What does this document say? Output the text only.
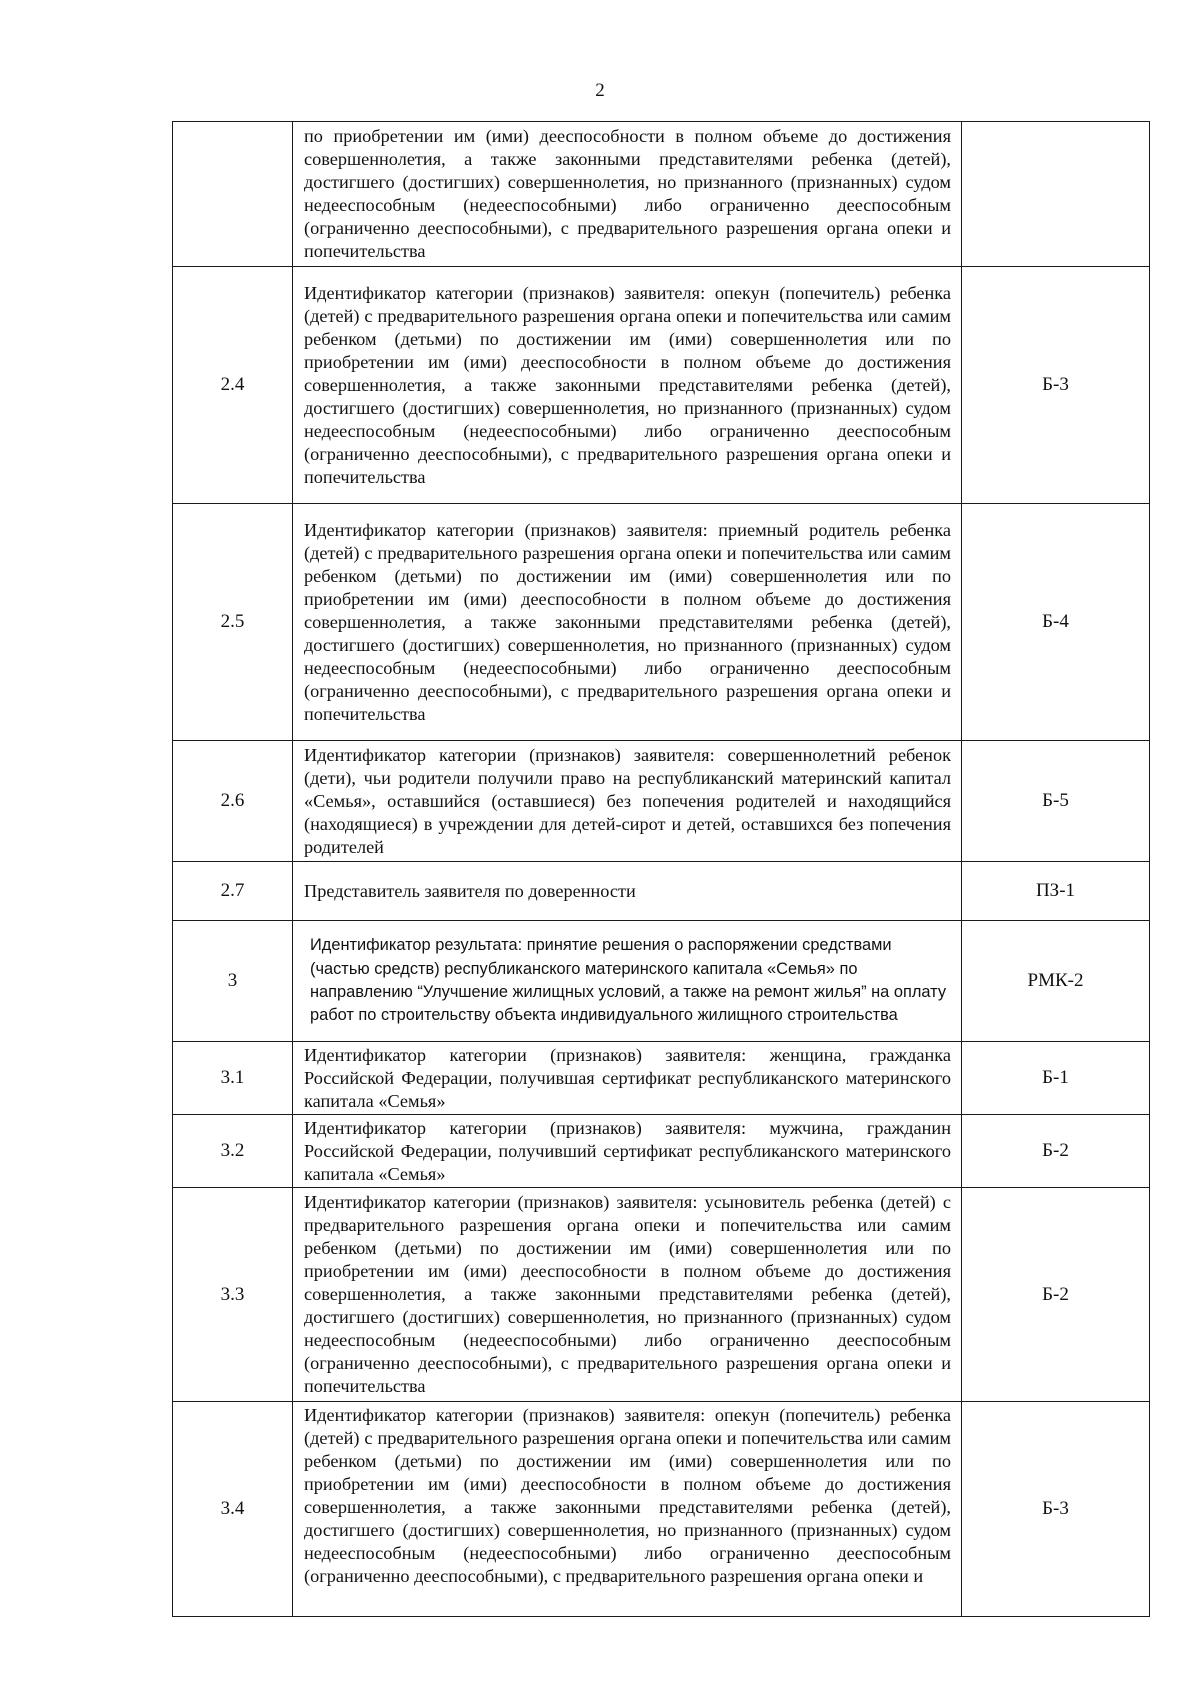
2

	по приобретении им (ими) дееспособности в полном объеме до достижения совершеннолетия, а также законными представителями ребенка (детей), достигшего (достигших) совершеннолетия, но признанного (признанных) судом недееспособным (недееспособными) либо ограниченно дееспособным (ограниченно дееспособными), с предварительного разрешения органа опеки и попечительства	

2.4	Идентификатор категории (признаков) заявителя: опекун (попечитель) ребенка (детей) с предварительного разрешения органа опеки и попечительства или самим ребенком (детьми) по достижении им (ими) совершеннолетия или по приобретении им (ими) дееспособности в полном объеме до достижения совершеннолетия, а также законными представителями ребенка (детей), достигшего (достигших) совершеннолетия, но признанного (признанных) судом недееспособным (недееспособными) либо ограниченно дееспособным (ограниченно дееспособными), с предварительного разрешения органа опеки и попечительства	Б-3
2.5	Идентификатор категории (признаков) заявителя: приемный родитель ребенка (детей) с предварительного разрешения органа опеки и попечительства или самим ребенком (детьми) по достижении им (ими) совершеннолетия или по приобретении им (ими) дееспособности в полном объеме до достижения совершеннолетия, а также законными представителями ребенка (детей), достигшего (достигших) совершеннолетия, но признанного (признанных) судом недееспособным (недееспособными) либо ограниченно дееспособным (ограниченно дееспособными), с предварительного разрешения органа опеки и попечительства	Б-4
2.6	Идентификатор категории (признаков) заявителя: совершеннолетний ребенок (дети), чьи родители получили право на республиканский материнский капитал «Семья», оставшийся (оставшиеся) без попечения родителей и находящийся (находящиеся) в учреждении для детей-сирот и детей, оставшихся без попечения родителей	Б-5
2.7	Представитель заявителя по доверенности	ПЗ-1
3	Идентификатор результата: принятие решения о распоряжении средствами (частью средств) республиканского материнского капитала «Семья» по направлению “Улучшение жилищных условий, а также на ремонт жилья” на оплату работ по строительству объекта индивидуального жилищного строительства	РМК-2
3.1	Идентификатор категории (признаков) заявителя: женщина, гражданка Российской Федерации, получившая сертификат республиканского материнского капитала «Семья»	Б-1
3.2	Идентификатор категории (признаков) заявителя: мужчина, гражданин Российской Федерации, получивший сертификат республиканского материнского капитала «Семья»	Б-2
3.3	Идентификатор категории (признаков) заявителя: усыновитель ребенка (детей) с предварительного разрешения органа опеки и попечительства или самим ребенком (детьми) по достижении им (ими) совершеннолетия или по приобретении им (ими) дееспособности в полном объеме до достижения совершеннолетия, а также законными представителями ребенка (детей), достигшего (достигших) совершеннолетия, но признанного (признанных) судом недееспособным (недееспособными) либо ограниченно дееспособным (ограниченно дееспособными), с предварительного разрешения органа опеки и попечительства	Б-2
3.4	Идентификатор категории (признаков) заявителя: опекун (попечитель) ребенка (детей) с предварительного разрешения органа опеки и попечительства или самим ребенком (детьми) по достижении им (ими) совершеннолетия или по приобретении им (ими) дееспособности в полном объеме до достижения совершеннолетия, а также законными представителями ребенка (детей), достигшего (достигших) совершеннолетия, но признанного (признанных) судом недееспособным (недееспособными) либо ограниченно дееспособным (ограниченно дееспособными), с предварительного разрешения органа опеки и	Б-3
